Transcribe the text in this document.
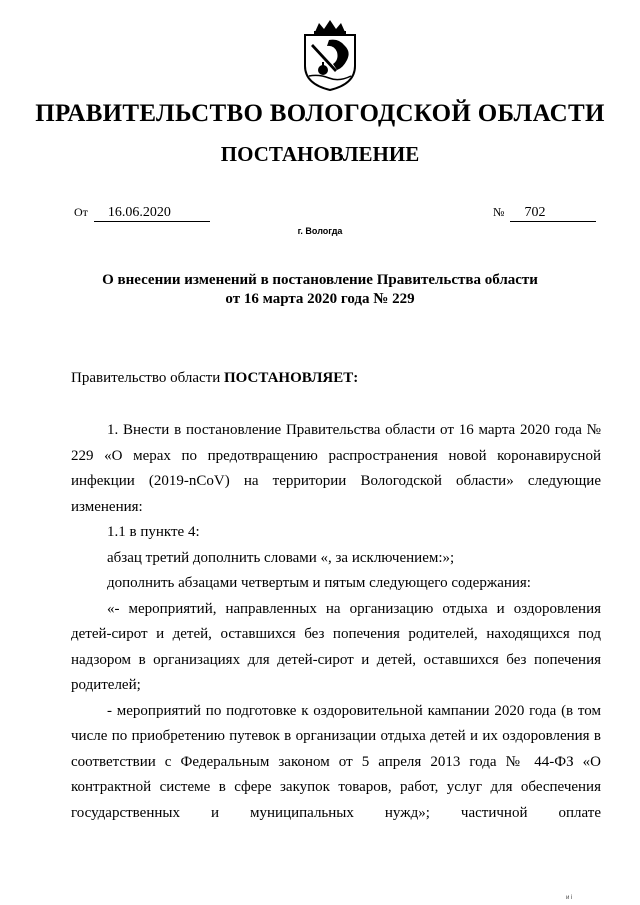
ПРАВИТЕЛЬСТВО ВОЛОГОДСКОЙ ОБЛАСТИ
ПОСТАНОВЛЕНИЕ
От 16.06.2020	№ 702
г. Вологда
О внесении изменений в постановление Правительства области
от 16 марта 2020 года № 229
Правительство области ПОСТАНОВЛЯЕТ:

1. Внести в постановление Правительства области от 16 марта 2020 года № 229 «О мерах по предотвращению распространения новой коронавирусной инфекции (2019-nCoV) на территории Вологодской области» следующие изменения:

1.1 в пункте 4:

абзац третий дополнить словами «, за исключением:»;

дополнить абзацами четвертым и пятым следующего содержания:

«- мероприятий, направленных на организацию отдыха и оздоровления детей-сирот и детей, оставшихся без попечения родителей, находящихся под надзором в организациях для детей-сирот и детей, оставшихся без попечения родителей;

- мероприятий по подготовке к оздоровительной кампании 2020 года (в том числе по приобретению путевок в организации отдыха детей и их оздоровления в соответствии с Федеральным законом от 5 апреля 2013 года № 44-ФЗ «О контрактной системе в сфере закупок товаров, работ, услуг для обеспечения государственных и муниципальных нужд»; частичной оплате

и і
